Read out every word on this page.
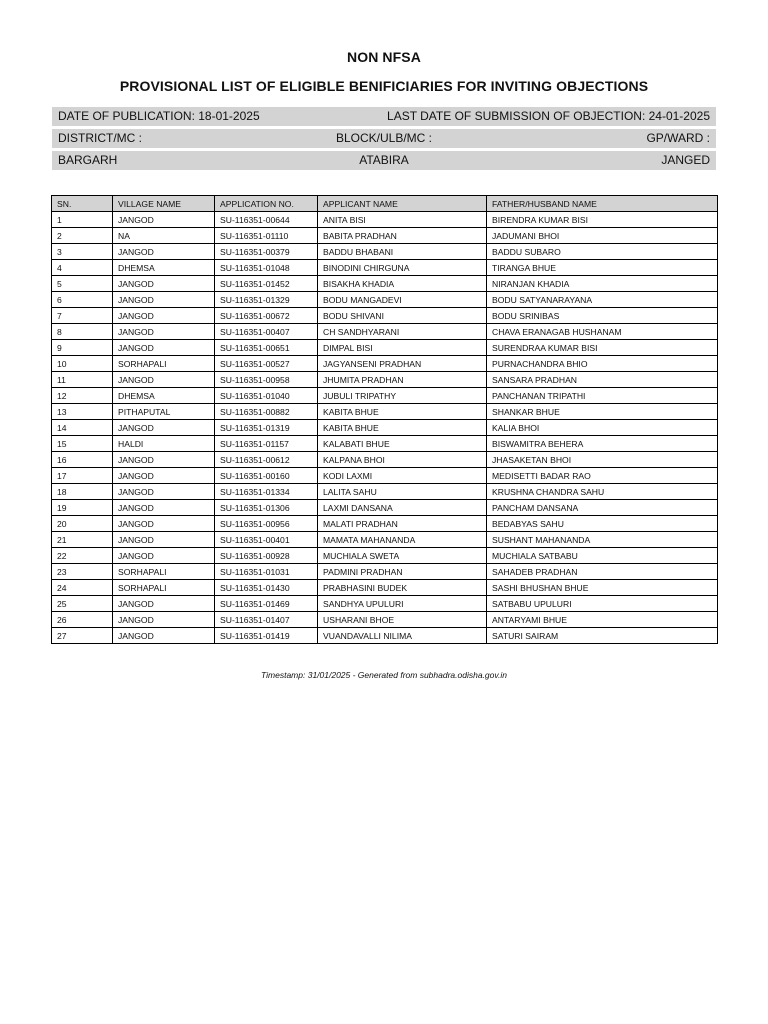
NON NFSA
PROVISIONAL LIST OF ELIGIBLE BENIFICIARIES FOR INVITING OBJECTIONS
DATE OF PUBLICATION: 18-01-2025	LAST DATE OF SUBMISSION OF OBJECTION: 24-01-2025
DISTRICT/MC :	BLOCK/ULB/MC :	GP/WARD :
BARGARH	ATABIRA	JANGED
SN.	VILLAGE NAME	APPLICATION NO.	APPLICANT NAME	FATHER/HUSBAND NAME
1	JANGOD	SU-116351-00644	ANITA BISI	BIRENDRA KUMAR BISI
2	NA	SU-116351-01110	BABITA PRADHAN	JADUMANI BHOI
3	JANGOD	SU-116351-00379	BADDU BHABANI	BADDU SUBARO
4	DHEMSA	SU-116351-01048	BINODINI CHIRGUNA	TIRANGA BHUE
5	JANGOD	SU-116351-01452	BISAKHA KHADIA	NIRANJAN KHADIA
6	JANGOD	SU-116351-01329	BODU MANGADEVI	BODU SATYANARAYANA
7	JANGOD	SU-116351-00672	BODU SHIVANI	BODU SRINIBAS
8	JANGOD	SU-116351-00407	CH SANDHYARANI	CHAVA ERANAGAB HUSHANAM
9	JANGOD	SU-116351-00651	DIMPAL BISI	SURENDRAA KUMAR BISI
10	SORHAPALI	SU-116351-00527	JAGYANSENI PRADHAN	PURNACHANDRA BHIO
11	JANGOD	SU-116351-00958	JHUMITA PRADHAN	SANSARA PRADHAN
12	DHEMSA	SU-116351-01040	JUBULI TRIPATHY	PANCHANAN TRIPATHI
13	PITHAPUTAL	SU-116351-00882	KABITA BHUE	SHANKAR BHUE
14	JANGOD	SU-116351-01319	KABITA BHUE	KALIA BHOI
15	HALDI	SU-116351-01157	KALABATI BHUE	BISWAMITRA BEHERA
16	JANGOD	SU-116351-00612	KALPANA BHOI	JHASAKETAN BHOI
17	JANGOD	SU-116351-00160	KODI LAXMI	MEDISETTI BADAR RAO
18	JANGOD	SU-116351-01334	LALITA SAHU	KRUSHNA CHANDRA SAHU
19	JANGOD	SU-116351-01306	LAXMI DANSANA	PANCHAM DANSANA
20	JANGOD	SU-116351-00956	MALATI PRADHAN	BEDABYAS SAHU
21	JANGOD	SU-116351-00401	MAMATA MAHANANDA	SUSHANT MAHANANDA
22	JANGOD	SU-116351-00928	MUCHIALA SWETA	MUCHIALA SATBABU
23	SORHAPALI	SU-116351-01031	PADMINI PRADHAN	SAHADEB PRADHAN
24	SORHAPALI	SU-116351-01430	PRABHASINI BUDEK	SASHI BHUSHAN BHUE
25	JANGOD	SU-116351-01469	SANDHYA UPULURI	SATBABU UPULURI
26	JANGOD	SU-116351-01407	USHARANI BHOE	ANTARYAMI BHUE
27	JANGOD	SU-116351-01419	VUANDAVALLI NILIMA	SATURI SAIRAM
Timestamp: 31/01/2025 - Generated from subhadra.odisha.gov.in
